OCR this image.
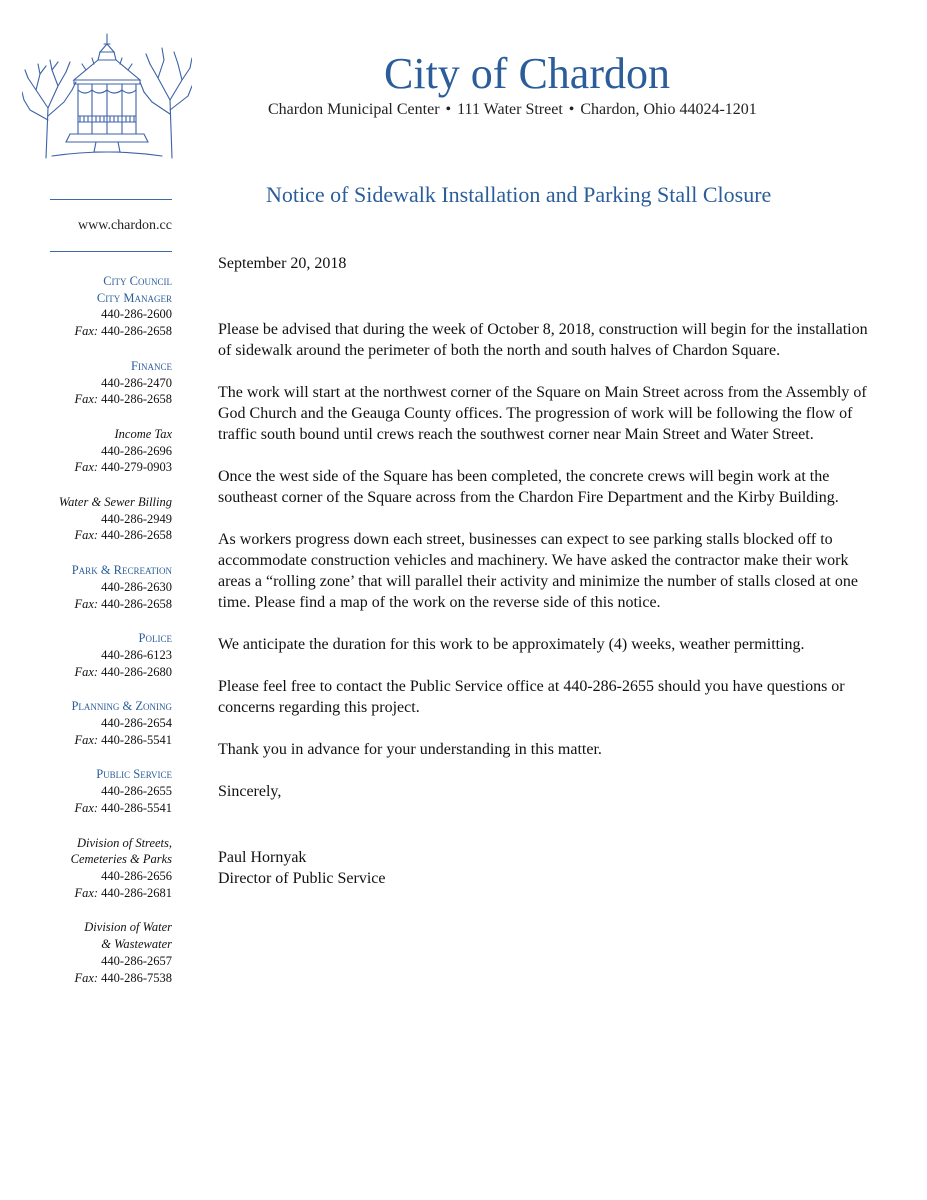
City of Chardon
Chardon Municipal Center • 111 Water Street • Chardon, Ohio 44024-1201
www.chardon.cc
City Council
City Manager
440-286-2600
Fax: 440-286-2658
Finance
440-286-2470
Fax: 440-286-2658
Income Tax
440-286-2696
Fax: 440-279-0903
Water & Sewer Billing
440-286-2949
Fax: 440-286-2658
Park & Recreation
440-286-2630
Fax: 440-286-2658
Police
440-286-6123
Fax: 440-286-2680
Planning & Zoning
440-286-2654
Fax: 440-286-5541
Public Service
440-286-2655
Fax: 440-286-5541
Division of Streets,
Cemeteries & Parks
440-286-2656
Fax: 440-286-2681
Division of Water
& Wastewater
440-286-2657
Fax: 440-286-7538
Notice of Sidewalk Installation and Parking Stall Closure

September 20, 2018

Please be advised that during the week of October 8, 2018, construction will begin for the installation of sidewalk around the perimeter of both the north and south halves of Chardon Square.

The work will start at the northwest corner of the Square on Main Street across from the Assembly of God Church and the Geauga County offices. The progression of work will be following the flow of traffic south bound until crews reach the southwest corner near Main Street and Water Street.

Once the west side of the Square has been completed, the concrete crews will begin work at the southeast corner of the Square across from the Chardon Fire Department and the Kirby Building.

As workers progress down each street, businesses can expect to see parking stalls blocked off to accommodate construction vehicles and machinery. We have asked the contractor make their work areas a “rolling zone’ that will parallel their activity and minimize the number of stalls closed at one time. Please find a map of the work on the reverse side of this notice.

We anticipate the duration for this work to be approximately (4) weeks, weather permitting.

Please feel free to contact the Public Service office at 440-286-2655 should you have questions or concerns regarding this project.

Thank you in advance for your understanding in this matter.

Sincerely,

Paul Hornyak

Director of Public Service
